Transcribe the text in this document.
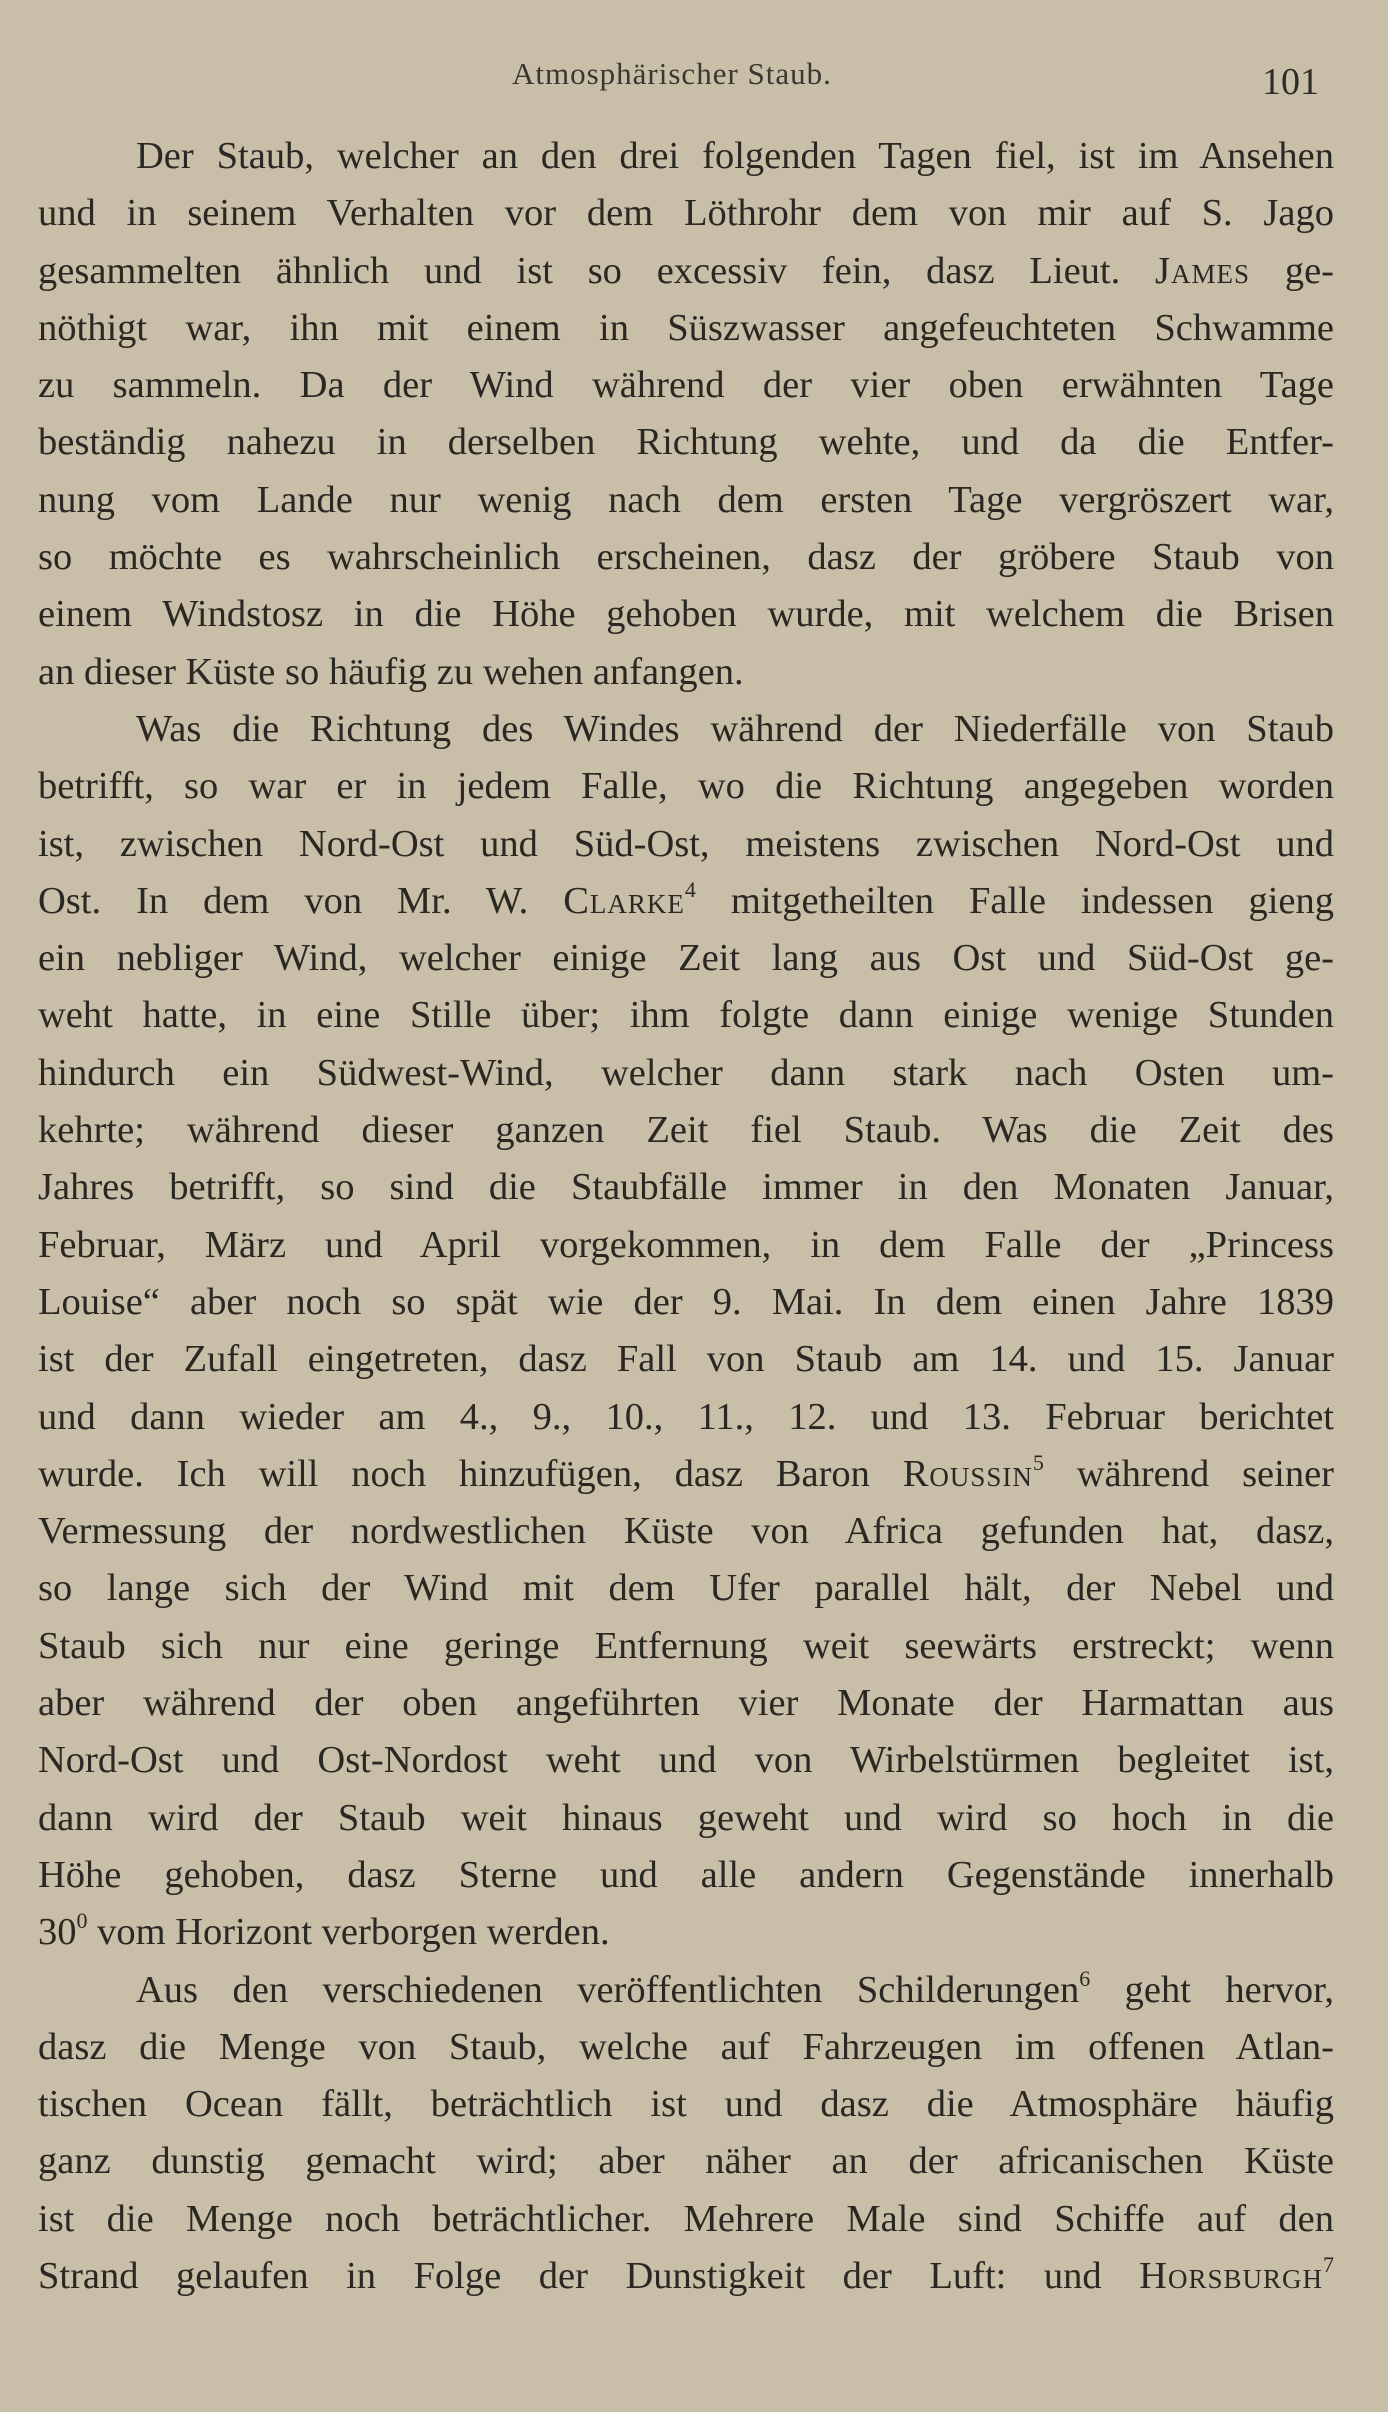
Atmosphärischer Staub.	101
Der Staub, welcher an den drei folgenden Tagen fiel, ist im Ansehen
und in seinem Verhalten vor dem Löthrohr dem von mir auf S. Jago
gesammelten ähnlich und ist so excessiv fein, dasz Lieut. James ge-
nöthigt war, ihn mit einem in Süszwasser angefeuchteten Schwamme
zu sammeln. Da der Wind während der vier oben erwähnten Tage
beständig nahezu in derselben Richtung wehte, und da die Entfer-
nung vom Lande nur wenig nach dem ersten Tage vergröszert war,
so möchte es wahrscheinlich erscheinen, dasz der gröbere Staub von
einem Windstosz in die Höhe gehoben wurde, mit welchem die Brisen
an dieser Küste so häufig zu wehen anfangen.
Was die Richtung des Windes während der Niederfälle von Staub
betrifft, so war er in jedem Falle, wo die Richtung angegeben worden
ist, zwischen Nord-Ost und Süd-Ost, meistens zwischen Nord-Ost und
Ost. In dem von Mr. W. Clarke$^4$ mitgetheilten Falle indessen gieng
ein nebliger Wind, welcher einige Zeit lang aus Ost und Süd-Ost ge-
weht hatte, in eine Stille über; ihm folgte dann einige wenige Stunden
hindurch ein Südwest-Wind, welcher dann stark nach Osten um-
kehrte; während dieser ganzen Zeit fiel Staub. Was die Zeit des
Jahres betrifft, so sind die Staubfälle immer in den Monaten Januar,
Februar, März und April vorgekommen, in dem Falle der „Princess
Louise“ aber noch so spät wie der 9. Mai. In dem einen Jahre 1839
ist der Zufall eingetreten, dasz Fall von Staub am 14. und 15. Januar
und dann wieder am 4., 9., 10., 11., 12. und 13. Februar berichtet
wurde. Ich will noch hinzufügen, dasz Baron Roussin$^5$ während seiner
Vermessung der nordwestlichen Küste von Africa gefunden hat, dasz,
so lange sich der Wind mit dem Ufer parallel hält, der Nebel und
Staub sich nur eine geringe Entfernung weit seewärts erstreckt; wenn
aber während der oben angeführten vier Monate der Harmattan aus
Nord-Ost und Ost-Nordost weht und von Wirbelstürmen begleitet ist,
dann wird der Staub weit hinaus geweht und wird so hoch in die
Höhe gehoben, dasz Sterne und alle andern Gegenstände innerhalb
$30^0$ vom Horizont verborgen werden.
Aus den verschiedenen veröffentlichten Schilderungen$^6$ geht hervor,
dasz die Menge von Staub, welche auf Fahrzeugen im offenen Atlan-
tischen Ocean fällt, beträchtlich ist und dasz die Atmosphäre häufig
ganz dunstig gemacht wird; aber näher an der africanischen Küste
ist die Menge noch beträchtlicher. Mehrere Male sind Schiffe auf den
Strand gelaufen in Folge der Dunstigkeit der Luft: und Horsburgh$^7$
